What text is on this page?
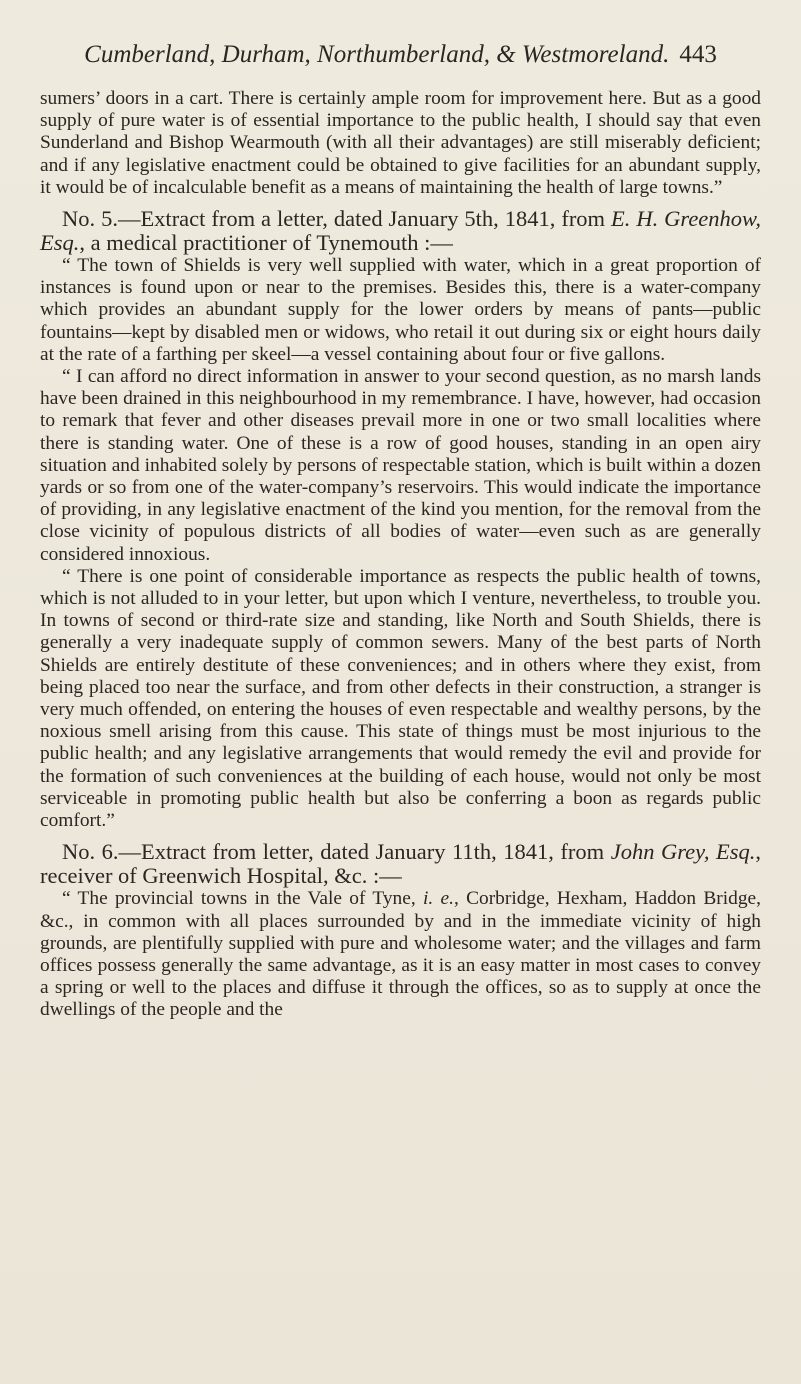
Cumberland, Durham, Northumberland, & Westmoreland. 443

sumers’ doors in a cart. There is certainly ample room for improvement here. But as a good supply of pure water is of essential importance to the public health, I should say that even Sunderland and Bishop Wearmouth (with all their advantages) are still miserably deficient; and if any legislative enactment could be obtained to give facilities for an abundant supply, it would be of incalculable benefit as a means of maintaining the health of large towns.”

No. 5.—Extract from a letter, dated January 5th, 1841, from E. H. Greenhow, Esq., a medical practitioner of Tynemouth :—

“ The town of Shields is very well supplied with water, which in a great proportion of instances is found upon or near to the premises. Besides this, there is a water-company which provides an abundant supply for the lower orders by means of pants—public fountains—kept by disabled men or widows, who retail it out during six or eight hours daily at the rate of a farthing per skeel—a vessel containing about four or five gallons.

“ I can afford no direct information in answer to your second question, as no marsh lands have been drained in this neighbourhood in my remembrance. I have, however, had occasion to remark that fever and other diseases prevail more in one or two small localities where there is standing water. One of these is a row of good houses, standing in an open airy situation and inhabited solely by persons of respectable station, which is built within a dozen yards or so from one of the water-company’s reservoirs. This would indicate the importance of providing, in any legislative enactment of the kind you mention, for the removal from the close vicinity of populous districts of all bodies of water—even such as are generally considered innoxious.

“ There is one point of considerable importance as respects the public health of towns, which is not alluded to in your letter, but upon which I venture, nevertheless, to trouble you. In towns of second or third-rate size and standing, like North and South Shields, there is generally a very inadequate supply of common sewers. Many of the best parts of North Shields are entirely destitute of these conveniences; and in others where they exist, from being placed too near the surface, and from other defects in their construction, a stranger is very much offended, on entering the houses of even respectable and wealthy persons, by the noxious smell arising from this cause. This state of things must be most injurious to the public health; and any legislative arrangements that would remedy the evil and provide for the formation of such conveniences at the building of each house, would not only be most serviceable in promoting public health but also be conferring a boon as regards public comfort.”

No. 6.—Extract from letter, dated January 11th, 1841, from John Grey, Esq., receiver of Greenwich Hospital, &c. :—

“ The provincial towns in the Vale of Tyne, i. e., Corbridge, Hexham, Haddon Bridge, &c., in common with all places surrounded by and in the immediate vicinity of high grounds, are plentifully supplied with pure and wholesome water; and the villages and farm offices possess generally the same advantage, as it is an easy matter in most cases to convey a spring or well to the places and diffuse it through the offices, so as to supply at once the dwellings of the people and the
